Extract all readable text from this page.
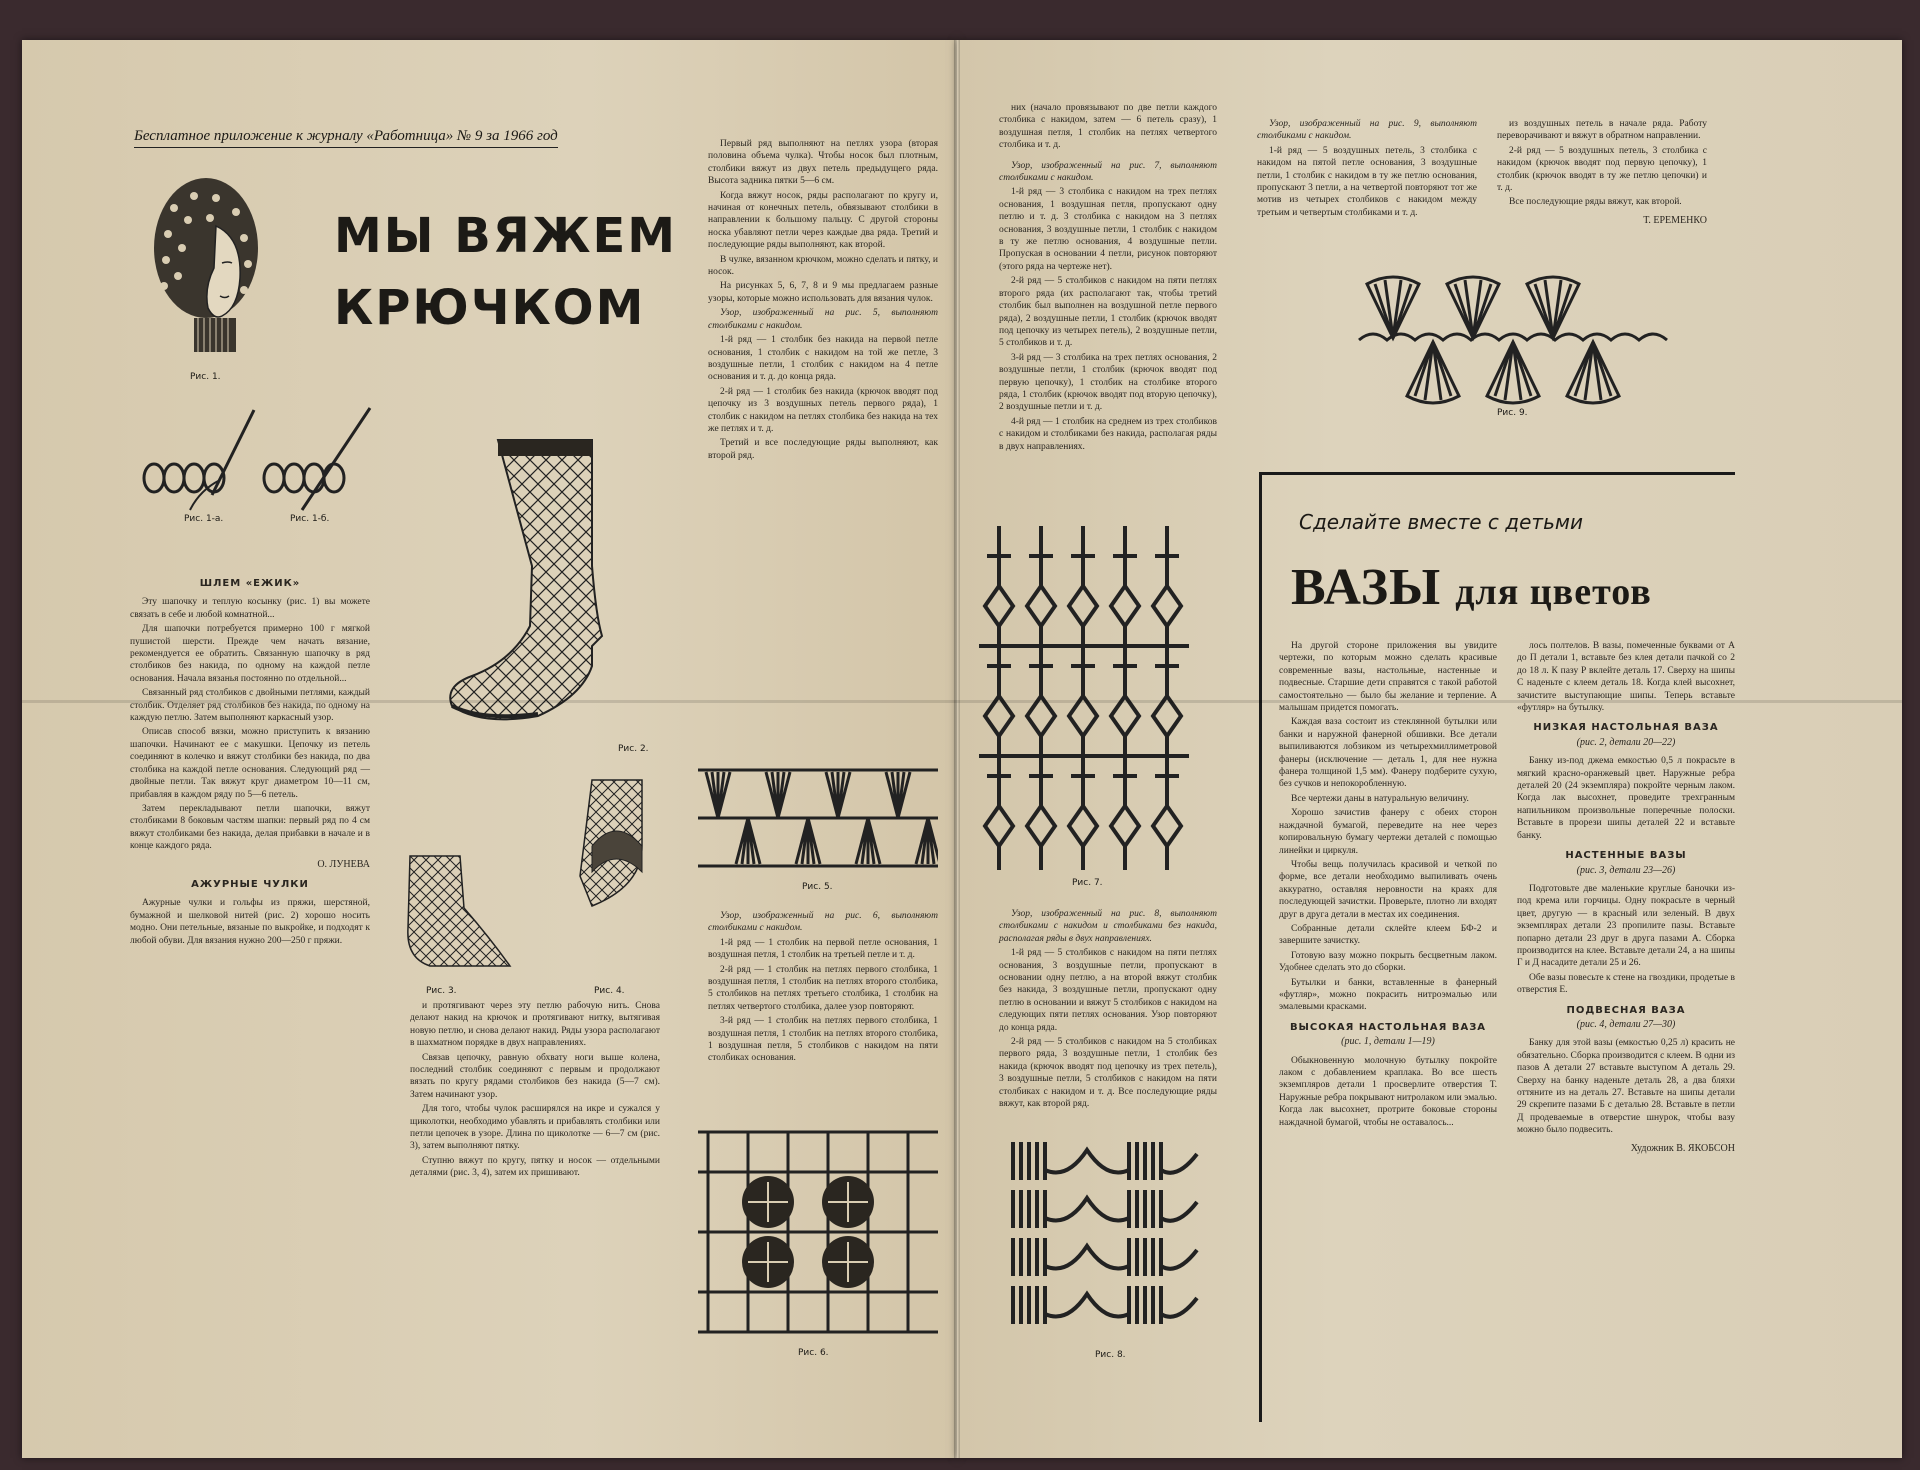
Бесплатное приложение к журналу «Работница» № 9 за 1966 год
Рис. 1.
МЫ ВЯЖЕМ
КРЮЧКОМ
Рис. 1-а.	Рис. 1-б.
Рис. 2.
Рис. 3.	Рис. 4.
ШЛЕМ «ЕЖИК»

Эту шапочку и теплую косынку (рис. 1) вы можете связать в себе и любой комнатной...

Для шапочки потребуется примерно 100 г мягкой пушистой шерсти. Прежде чем начать вязание, рекомендуется ее обратить. Связанную шапочку в ряд столбиков без накида, по одному на каждой петле основания. Начала вязанья постоянно по отдельной...

Связанный ряд столбиков с двойными петлями, каждый столбик. Отделяет ряд столбиков без накида, по одному на каждую петлю. Затем выполняют каркасный узор.

Описав способ вязки, можно приступить к вязанию шапочки. Начинают ее с макушки. Цепочку из петель соединяют в колечко и вяжут столбики без накида, по два столбика на каждой петле основания. Следующий ряд — двойные петли. Так вяжут круг диаметром 10—11 см, прибавляя в каждом ряду по 5—6 петель.

Затем перекладывают петли шапочки, вяжут столбиками 8 боковым частям шапки: первый ряд по 4 см вяжут столбиками без накида, делая прибавки в начале и в конце каждого ряда.

О. ЛУНЕВА
АЖУРНЫЕ ЧУЛКИ

Ажурные чулки и гольфы из пряжи, шерстяной, бумажной и шелковой нитей (рис. 2) хорошо носить модно. Они петельные, вязаные по выкройке, и подходят к любой обуви. Для вязания нужно 200—250 г пряжи.

и протягивают через эту петлю рабочую нить. Снова делают накид на крючок и протягивают нитку, вытягивая новую петлю, и снова делают накид. Ряды узора располагают в шахматном порядке в двух направлениях.

Связав цепочку, равную обхвату ноги выше колена, последний столбик соединяют с первым и продолжают вязать по кругу рядами столбиков без накида (5—7 см). Затем начинают узор.

Для того, чтобы чулок расширялся на икре и сужался у щиколотки, необходимо убавлять и прибавлять столбики или петли цепочек в узоре. Длина по щиколотке — 6—7 см (рис. 3), затем выполняют пятку.

Ступню вяжут по кругу, пятку и носок — отдельными деталями (рис. 3, 4), затем их пришивают.

Первый ряд выполняют на петлях узора (вторая половина объема чулка). Чтобы носок был плотным, столбики вяжут из двух петель предыдущего ряда. Высота задника пятки 5—6 см.

Когда вяжут носок, ряды располагают по кругу и, начиная от конечных петель, обвязывают столбики в направлении к большому пальцу. С другой стороны носка убавляют петли через каждые два ряда. Третий и последующие ряды выполняют, как второй.

В чулке, вязанном крючком, можно сделать и пятку, и носок.

На рисунках 5, 6, 7, 8 и 9 мы предлагаем разные узоры, которые можно использовать для вязания чулок.

Узор, изображенный на рис. 5, выполняют столбиками с накидом.

1-й ряд — 1 столбик без накида на первой петле основания, 1 столбик с накидом на той же петле, 3 воздушные петли, 1 столбик с накидом на 4 петле основания и т. д. до конца ряда.

2-й ряд — 1 столбик без накида (крючок вводят под цепочку из 3 воздушных петель первого ряда), 1 столбик с накидом на петлях столбика без накида на тех же петлях и т. д.

Третий и все последующие ряды выполняют, как второй ряд.

Рис. 5.

Узор, изображенный на рис. 6, выполняют столбиками с накидом.

1-й ряд — 1 столбик на первой петле основания, 1 воздушная петля, 1 столбик на третьей петле и т. д.

2-й ряд — 1 столбик на петлях первого столбика, 1 воздушная петля, 1 столбик на петлях второго столбика, 5 столбиков на петлях третьего столбика, 1 столбик на петлях четвертого столбика, далее узор повторяют.

3-й ряд — 1 столбик на петлях первого столбика, 1 воздушная петля, 1 столбик на петлях второго столбика, 1 воздушная петля, 5 столбиков с накидом на пяти столбиках основания.

Рис. 6.

них (начало провязывают по две петли каждого столбика с накидом, затем — 6 петель сразу), 1 воздушная петля, 1 столбик на петлях четвертого столбика и т. д.

Узор, изображенный на рис. 7, выполняют столбиками с накидом.

1-й ряд — 3 столбика с накидом на трех петлях основания, 1 воздушная петля, пропускают одну петлю и т. д. 3 столбика с накидом на 3 петлях основания, 3 воздушные петли, 1 столбик с накидом в ту же петлю основания, 4 воздушные петли. Пропуская в основании 4 петли, рисунок повторяют (этого ряда на чертеже нет).

2-й ряд — 5 столбиков с накидом на пяти петлях второго ряда (их располагают так, чтобы третий столбик был выполнен на воздушной петле первого ряда), 2 воздушные петли, 1 столбик (крючок вводят под цепочку из четырех петель), 2 воздушные петли, 5 столбиков и т. д.

3-й ряд — 3 столбика на трех петлях основания, 2 воздушные петли, 1 столбик (крючок вводят под первую цепочку), 1 столбик на столбике второго ряда, 1 столбик (крючок вводят под вторую цепочку), 2 воздушные петли и т. д.

4-й ряд — 1 столбик на среднем из трех столбиков с накидом и столбиками без накида, располагая ряды в двух направлениях.

Узор, изображенный на рис. 9, выполняют столбиками с накидом.

1-й ряд — 5 воздушных петель, 3 столбика с накидом на пятой петле основания, 3 воздушные петли, 1 столбик с накидом в ту же петлю основания, пропускают 3 петли, а на четвертой повторяют тот же мотив из четырех столбиков с накидом между третьим и четвертым столбиками и т. д.

из воздушных петель в начале ряда. Работу переворачивают и вяжут в обратном направлении.

2-й ряд — 5 воздушных петель, 3 столбика с накидом (крючок вводят под первую цепочку), 1 столбик (крючок вводят в ту же петлю цепочки) и т. д.

Все последующие ряды вяжут, как второй.

Т. ЕРЕМЕНКО
Рис. 9.
Рис. 7.

Узор, изображенный на рис. 8, выполняют столбиками с накидом и столбиками без накида, располагая ряды в двух направлениях.

1-й ряд — 5 столбиков с накидом на пяти петлях основания, 3 воздушные петли, пропускают в основании одну петлю, а на второй вяжут столбик без накида, 3 воздушные петли, пропускают одну петлю в основании и вяжут 5 столбиков с накидом на следующих пяти петлях основания. Узор повторяют до конца ряда.

2-й ряд — 5 столбиков с накидом на 5 столбиках первого ряда, 3 воздушные петли, 1 столбик без накида (крючок вводят под цепочку из трех петель), 3 воздушные петли, 5 столбиков с накидом на пяти столбиках с накидом и т. д. Все последующие ряды вяжут, как второй ряд.

Рис. 8.
Сделайте вместе с детьми
ВАЗЫ для цветов

На другой стороне приложения вы увидите чертежи, по которым можно сделать красивые современные вазы, настольные, настенные и подвесные. Старшие дети справятся с такой работой самостоятельно — было бы желание и терпение. А малышам придется помогать.

Каждая ваза состоит из стеклянной бутылки или банки и наружной фанерной обшивки. Все детали выпиливаются лобзиком из четырехмиллиметровой фанеры (исключение — деталь 1, для нее нужна фанера толщиной 1,5 мм). Фанеру подберите сухую, без сучков и непокоробленную.

Все чертежи даны в натуральную величину.

Хорошо зачистив фанеру с обеих сторон наждачной бумагой, переведите на нее через копировальную бумагу чертежи деталей с помощью линейки и циркуля.

Чтобы вещь получилась красивой и четкой по форме, все детали необходимо выпиливать очень аккуратно, оставляя неровности на краях для последующей зачистки. Проверьте, плотно ли входят друг в друга детали в местах их соединения.

Собранные детали склейте клеем БФ-2 и завершите зачистку.

Готовую вазу можно покрыть бесцветным лаком. Удобнее сделать это до сборки.

Бутылки и банки, вставленные в фанерный «футляр», можно покрасить нитроэмалью или эмалевыми красками.

ВЫСОКАЯ НАСТОЛЬНАЯ ВАЗА
(рис. 1, детали 1—19)

Обыкновенную молочную бутылку покройте лаком с добавлением краплака. Во все шесть экземпляров детали 1 просверлите отверстия Т. Наружные ребра покрывают нитролаком или эмалью. Когда лак высохнет, протрите боковые стороны наждачной бумагой, чтобы не оставалось...

лось полтелов. В вазы, помеченные буквами от А до П детали 1, вставьте без клея детали пачкой со 2 до 18 л. К пазу Р вклейте деталь 17. Сверху на шипы С наденьте с клеем деталь 18. Когда клей высохнет, зачистите выступающие шипы. Теперь вставьте «футляр» на бутылку.

НИЗКАЯ НАСТОЛЬНАЯ ВАЗА
(рис. 2, детали 20—22)

Банку из-под джема емкостью 0,5 л покрасьте в мягкий красно-оранжевый цвет. Наружные ребра деталей 20 (24 экземпляра) покройте черным лаком. Когда лак высохнет, проведите трехгранным напильником произвольные поперечные полоски. Вставьте в прорези шипы деталей 22 и вставьте банку.

НАСТЕННЫЕ ВАЗЫ
(рис. 3, детали 23—26)

Подготовьте две маленькие круглые баночки из-под крема или горчицы. Одну покрасьте в черный цвет, другую — в красный или зеленый. В двух экземплярах детали 23 пропилите пазы. Вставьте попарно детали 23 друг в друга пазами А. Сборка производится на клее. Вставьте детали 24, а на шипы Г и Д насадите детали 25 и 26.

Обе вазы повесьте к стене на гвоздики, продетые в отверстия Е.

ПОДВЕСНАЯ ВАЗА
(рис. 4, детали 27—30)

Банку для этой вазы (емкостью 0,25 л) красить не обязательно. Сборка производится с клеем. В одни из пазов А детали 27 вставьте выступом А деталь 29. Сверху на банку наденьте деталь 28, а два бляхи оттяните из на деталь 27. Вставьте на шипы детали 29 скрепите пазами Б с деталью 28. Вставьте в петли Д продеваемые в отверстие шнурок, чтобы вазу можно было подвесить.

Художник В. ЯКОБСОН
